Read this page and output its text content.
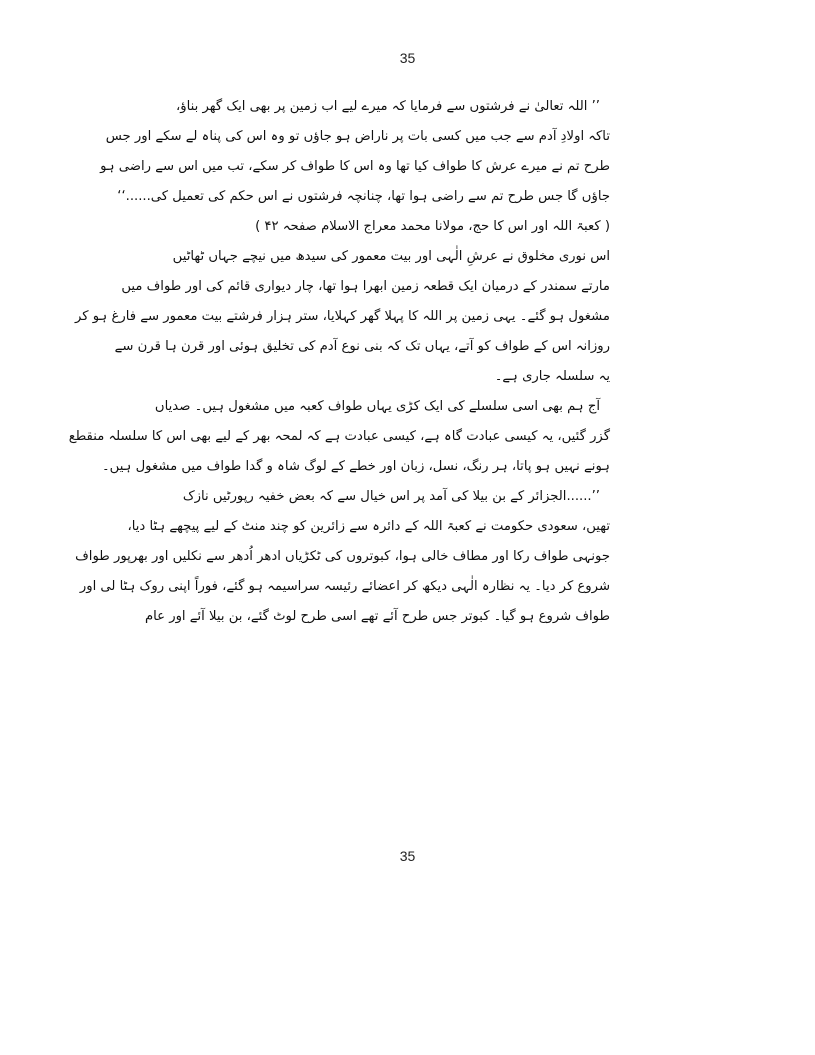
35

’’ اللہ تعالیٰ نے فرشتوں سے فرمایا کہ میرے لیے اب زمین پر بھی ایک گھر بناؤ،
تاکہ اولادِ آدم سے جب میں کسی بات پر ناراض ہو جاؤں تو وہ اس کی پناہ لے سکے اور جس
طرح تم نے میرے عرش کا طواف کیا تھا وہ اس کا طواف کر سکے، تب میں اس سے راضی ہو
جاؤں گا جس طرح تم سے راضی ہوا تھا، چنانچہ فرشتوں نے اس حکم کی تعمیل کی......‘‘
( کعبۃ اللہ اور اس کا حج، مولانا محمد معراج الاسلام صفحہ ۴۲ )

اس نوری مخلوق نے عرشِ الٰہی اور بیت معمور کی سیدھ میں نیچے جہاں ٹھاٹیں
مارتے سمندر کے درمیان ایک قطعہ زمین ابھرا ہوا تھا، چار دیواری قائم کی اور طواف میں
مشغول ہو گئے۔ یہی زمین پر اللہ کا پہلا گھر کہلایا، ستر ہزار فرشتے بیت معمور سے فارغ ہو کر
روزانہ اس کے طواف کو آتے، یہاں تک کہ بنی نوع آدم کی تخلیق ہوئی اور قرن ہا قرن سے
یہ سلسلہ جاری ہے۔

آج ہم بھی اسی سلسلے کی ایک کڑی یہاں طواف کعبہ میں مشغول ہیں۔ صدیاں
گزر گئیں، یہ کیسی عبادت گاہ ہے، کیسی عبادت ہے کہ لمحہ بھر کے لیے بھی اس کا سلسلہ منقطع
ہونے نہیں ہو پاتا، ہر رنگ، نسل، زبان اور خطے کے لوگ شاہ و گدا طواف میں مشغول ہیں۔

’’......الجزائر کے بن بیلا کی آمد پر اس خیال سے کہ بعض خفیہ رپورٹیں نازک
تھیں، سعودی حکومت نے کعبۃ اللہ کے دائرہ سے زائرین کو چند منٹ کے لیے پیچھے ہٹا دیا،
جونہی طواف رکا اور مطاف خالی ہوا، کبوتروں کی ٹکڑیاں ادھر اُدھر سے نکلیں اور بھرپور طواف
شروع کر دیا۔ یہ نظارہ الٰہی دیکھ کر اعضائے رئیسہ سراسیمہ ہو گئے، فوراً اپنی روک ہٹا لی اور
طواف شروع ہو گیا۔ کبوتر جس طرح آئے تھے اسی طرح لوٹ گئے، بن بیلا آئے اور عام

35
